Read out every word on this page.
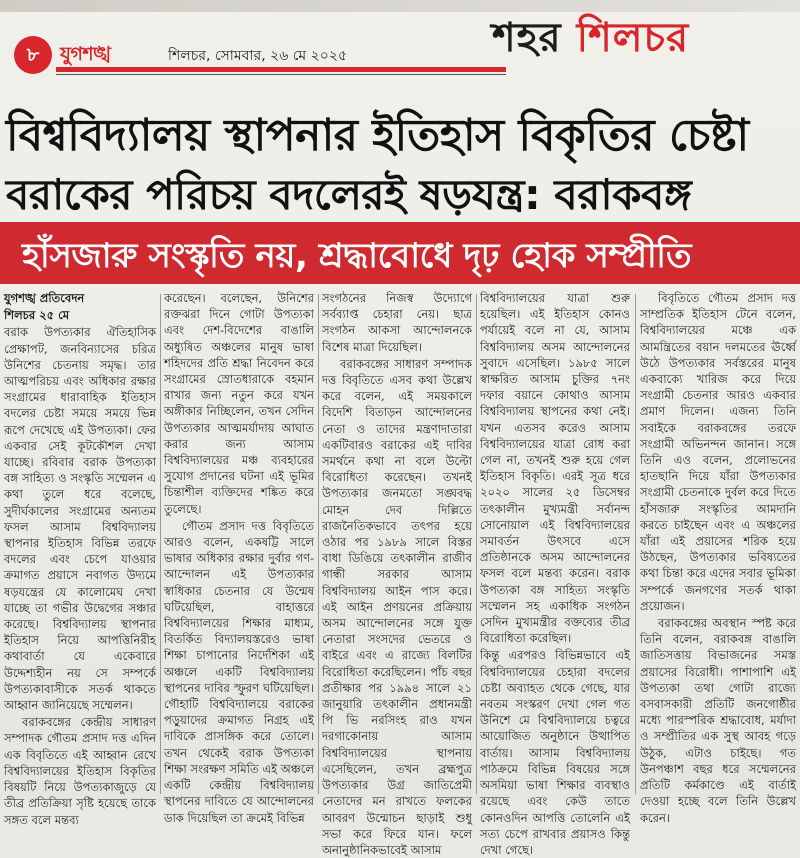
৮	যুগশঙ্খ	শিলচর, সোমবার, ২৬ মে ২০২৫	শহর শিলচর
বিশ্ববিদ্যালয় স্থাপনার ইতিহাস বিকৃতির চেষ্টা
বরাকের পরিচয় বদলেরই ষড়যন্ত্র: বরাকবঙ্গ
হাঁসজারু সংস্কৃতি নয়, শ্রদ্ধাবোধে দৃঢ় হোক সম্প্রীতি

যুগশঙ্খ প্রতিবেদন

শিলচর ২৫ মে

বরাক উপত্যকার ঐতিহাসিক প্রেক্ষাপট, জনবিন্যাসের চরিত্র উনিশের চেতনায় সমৃদ্ধ। তার আত্মপরিচয় এবং অধিকার রক্ষার সংগ্রামের ধারাবাহিক ইতিহাস বদলের চেষ্টা সময়ে সময়ে ভিন্ন রূপে দেখেছে এই উপত্যকা। ফের একবার সেই কূটকৌশল দেখা যাচ্ছে। রবিবার বরাক উপত্যকা বঙ্গ সাহিত্য ও সংস্কৃতি সম্মেলন এ কথা তুলে ধরে বলেছে, সুদীর্ঘকালের সংগ্রামের অন্যতম ফসল আসাম বিশ্ববিদ্যালয় স্থাপনার ইতিহাস বিভিন্ন তরফে বদলের এবং চেপে যাওয়ার ক্রমাগত প্রয়াসে নবাগত উদ্যমে ষড়যন্ত্রের যে কালোমেঘ দেখা যাচ্ছে তা গভীর উদ্বেগের সঞ্চার করেছে। বিশ্ববিদ্যালয় স্থাপনার ইতিহাস নিয়ে আপত্তিনিরীহ কথাবার্তা যে একেবারে উদ্দেশ্যহীন নয় সে সম্পর্কে উপত্যকাবাসীকে সতর্ক থাকতে আহ্বান জানিয়েছে সম্মেলন।

বরাকবঙ্গের কেন্দ্রীয় সাধারণ সম্পাদক গৌতম প্রসাদ দত্ত এদিন এক বিবৃতিতে এই আহ্বান রেখে বিশ্ববিদ্যালয়ের ইতিহাস বিকৃতির বিষয়টি নিয়ে উপত্যকাজুড়ে যে তীব্র প্রতিক্রিয়া সৃষ্টি হয়েছে তাকে সঙ্গত বলে মন্তব্য

করেছেন। বলেছেন, উনিশের রক্তঝরা দিনে গোটা উপত্যকা এবং দেশ-বিদেশের বাঙালি অধ্যুষিত অঞ্চলের মানুষ ভাষা শহিদদের প্রতি শ্রদ্ধা নিবেদন করে সংগ্রামের স্রোতধারাকে বহমান রাখার জন্য নতুন করে যখন অঙ্গীকার নিচ্ছিলেন, তখন সেদিন উপত্যকার আত্মমর্যাদায় আঘাত করার জন্য আসাম বিশ্ববিদ্যালয়ের মঞ্চ ব্যবহারের সুযোগ প্রদানের ঘটনা এই ভূমির চিন্তাশীল ব্যক্তিদের শঙ্কিত করে তুলেছে।

গৌতম প্রসাদ দত্ত বিবৃতিতে আরও বলেন, একষট্টি সালে ভাষার অধিকার রক্ষার দুর্বার গণ-আন্দোলন এই উপত্যকার স্বাধিকার চেতনার যে উন্মেষ ঘটিয়েছিল, বাহাত্তরে বিশ্ববিদ্যালয়ের শিক্ষার মাধ্যম, বিতর্কিত বিদ্যালয়স্তরেও ভাষা শিক্ষা চাপানোর নির্দেশিকা এই অঞ্চলে একটি বিশ্ববিদ্যালয় স্থাপনের দাবির স্ফুরণ ঘটিয়েছিল। গৌহাটি বিশ্ববিদ্যালয়ে বরাকের পড়ুয়াদের ক্রমাগত নিগ্রহ এই দাবিকে প্রাসঙ্গিক করে তোলে। তখন থেকেই বরাক উপত্যকা শিক্ষা সংরক্ষণ সমিতি এই অঞ্চলে একটি কেন্দ্রীয় বিশ্ববিদ্যালয় স্থাপনের দাবিতে যে আন্দোলনের ডাক দিয়েছিল তা ক্রমেই বিভিন্ন

সংগঠনের নিজস্ব উদ্যোগে সর্বব্যাপ্ত চেহারা নেয়। ছাত্র সংগঠন আকসা আন্দোলনকে বিশেষ মাত্রা দিয়েছিল।

বরাকবঙ্গের সাধারণ সম্পাদক দত্ত বিবৃতিতে এসব কথা উল্লেখ করে বলেন, এই সময়কালে বিদেশি বিতাড়ন আন্দোলনের নেতা ও তাদের মন্ত্রণাদাতারা একটিবারও বরাকের এই দাবির সমর্থনে কথা না বলে উল্টো বিরোধিতা করেছেন। তখনই উপত্যকার জনমতো সঙ্ঘবদ্ধ মোহন দেব দিল্লিতে রাজনৈতিকভাবে তৎপর হয়ে ওঠার পর ১৯৮৯ সালে বিস্তর বাধা ডিঙিয়ে তৎকালীন রাজীব গান্ধী সরকার আসাম বিশ্ববিদ্যালয় আইন পাস করে। এই আইন প্রণয়নের প্রক্রিয়ায় অসম আন্দোলনের সঙ্গে যুক্ত নেতারা সংসদের ভেতরে ও বাইরে এবং এ রাজ্যে বিলটির বিরোধিতা করেছিলেন। পাঁচ বছর প্রতীক্ষার পর ১৯৯৪ সালে ২১ জানুয়ারি তৎকালীন প্রধানমন্ত্রী পি ভি নরসিংহ রাও যখন দরগাকোনায় আসাম বিশ্ববিদ্যালয়ের স্থাপনায় এসেছিলেন, তখন ব্রহ্মপুত্র উপত্যকার উগ্র জাতিপ্রেমী নেতাদের মন রাখতে ফলকের আবরণ উন্মোচন ছাড়াই শুধু সভা করে ফিরে যান। ফলে অনানুষ্ঠানিকভাবেই আসাম

বিশ্ববিদ্যালয়ের যাত্রা শুরু হয়েছিল। এই ইতিহাস কোনও পর্যায়েই বলে না যে, আসাম বিশ্ববিদ্যালয় অসম আন্দোলনের সুবাদে এসেছিল। ১৯৮৫ সালে স্বাক্ষরিত আসাম চুক্তির ৭নং দফার বয়ানে কোথাও আসাম বিশ্ববিদ্যালয় স্থাপনের কথা নেই। যখন এতসব করেও আসাম বিশ্ববিদ্যালয়ের যাত্রা রোধ করা গেল না, তখনই শুরু হয়ে গেল ইতিহাস বিকৃতি। এরই সূত্র ধরে ২০২০ সালের ২৫ ডিসেম্বর তৎকালীন মুখ্যমন্ত্রী সর্বানন্দ সোনোয়াল এই বিশ্ববিদ্যালয়ের সমাবর্তন উৎসবে এসে প্রতিষ্ঠানকে অসম আন্দোলনের ফসল বলে মন্তব্য করেন। বরাক উপত্যকা বঙ্গ সাহিত্য সংস্কৃতি সম্মেলন সহ একাধিক সংগঠন সেদিন মুখ্যমন্ত্রীর বক্তব্যের তীব্র বিরোধিতা করেছিল।

কিন্তু এরপরও বিভিন্নভাবে এই বিশ্ববিদ্যালয়ের চেহারা বদলের চেষ্টা অব্যাহত থেকে গেছে, যার নবতম সংস্করণ দেখা গেল গত উনিশে মে বিশ্ববিদ্যালয়ে চত্বরে আয়োজিত অনুষ্ঠানে উত্থাপিত বার্তায়। আসাম বিশ্ববিদ্যালয় পাঠক্রমে বিভিন্ন বিষয়ের সঙ্গে অসমিয়া ভাষা শিক্ষার ব্যবস্থাও রয়েছে এবং কেউ তাতে কোনওদিন আপত্তি তোলেনি এই সত্য চেপে রাখবার প্রয়াসও কিন্তু দেখা গেছে।

বিবৃতিতে গৌতম প্রসাদ দত্ত সাম্প্রতিক ইতিহাস টেনে বলেন, বিশ্ববিদ্যালয়ের মঞ্চে এক আমন্ত্রিতের বয়ান দলমতের ঊর্ধ্বে উঠে উপত্যকার সর্বস্তরের মানুষ একবাক্যে খারিজ করে দিয়ে সংগ্রামী চেতনার আরও একবার প্রমাণ দিলেন। এজন্য তিনি সবাইকে বরাকবঙ্গের তরফে সংগ্রামী অভিনন্দন জানান। সঙ্গে তিনি এও বলেন, প্রলোভনের হাতছানি দিয়ে যাঁরা উপত্যকার সংগ্রামী চেতনাকে দুর্বল করে দিতে হাঁসজারু সংস্কৃতির আমদানি করতে চাইছেন এবং এ অঞ্চলের যাঁরা এই প্রয়াসের শরিক হয়ে উঠছেন, উপত্যকার ভবিষ্যতের কথা চিন্তা করে এদের সবার ভূমিকা সম্পর্কে জনগণের সতর্ক থাকা প্রয়োজন।

বরাকবঙ্গের অবস্থান স্পষ্ট করে তিনি বলেন, বরাকবঙ্গ বাঙালি জাতিসত্তায় বিভাজনের সমস্ত প্রয়াসের বিরোধী। পাশাপাশি এই উপত্যকা তথা গোটা রাজ্যে বসবাসকারী প্রতিটি জনগোষ্ঠীর মধ্যে পারস্পরিক শ্রদ্ধাবোধ, মর্যাদা ও সম্প্রীতির এক সুস্থ আবহ গড়ে উঠুক, এটাও চাইছে। গত উনপঞ্চাশ বছর ধরে সম্মেলনের প্রতিটি কর্মকাণ্ডে এই বার্তাই দেওয়া হচ্ছে বলে তিনি উল্লেখ করেন।
